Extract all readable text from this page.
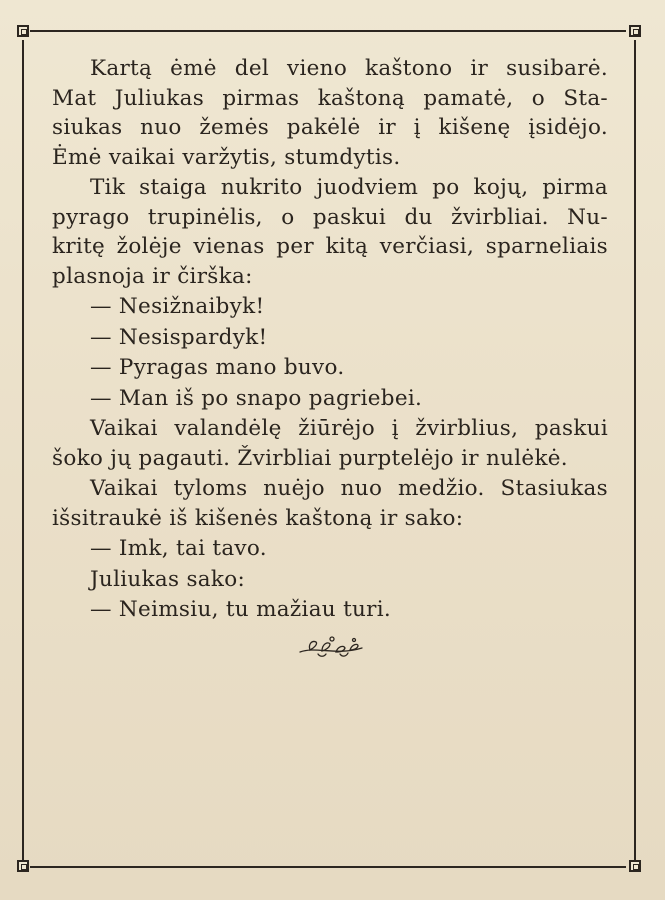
Kartą ėmė del vieno kaštono ir susibarė.
Mat Juliukas pirmas kaštoną pamatė, o Sta-
siukas nuo žemės pakėlė ir į kišenę įsidėjo.
Ėmė vaikai varžytis, stumdytis.
Tik staiga nukrito juodviem po kojų, pirma
pyrago trupinėlis, o paskui du žvirbliai. Nu-
kritę žolėje vienas per kitą verčiasi, sparneliais
plasnoja ir čirška:
— Nesižnaibyk!
— Nesispardyk!
— Pyragas mano buvo.
— Man iš po snapo pagriebei.
Vaikai valandėlę žiūrėjo į žvirblius, paskui
šoko jų pagauti. Žvirbliai purptelėjo ir nulėkė.
Vaikai tyloms nuėjo nuo medžio. Stasiukas
išsitraukė iš kišenės kaštoną ir sako:
— Imk, tai tavo.
Juliukas sako:
— Neimsiu, tu mažiau turi.
